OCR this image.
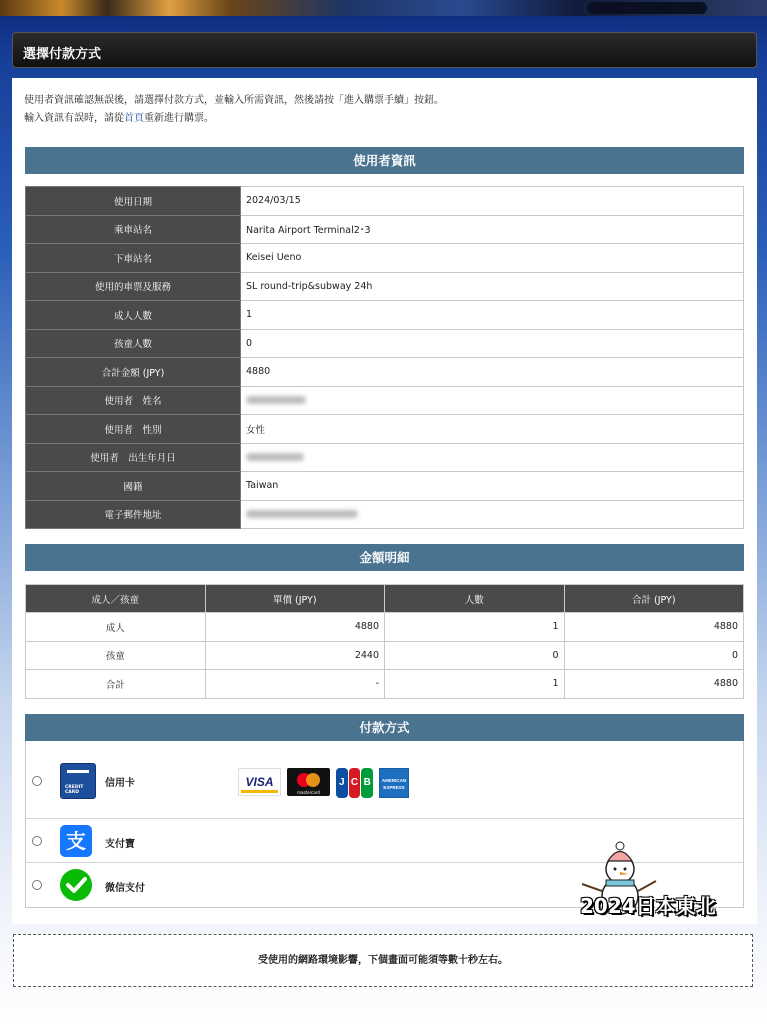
選擇付款方式
使用者資訊確認無誤後，請選擇付款方式，並輸入所需資訊，然後請按「進入購票手續」按鈕。
輸入資訊有誤時，請從首頁重新進行購票。
使用者資訊
使用日期	2024/03/15
乘車站名	Narita Airport Terminal2･3
下車站名	Keisei Ueno
使用的車票及服務	SL round-trip&subway 24h
成人人數	1
孩童人數	0
合計金額 (JPY)	4880
使用者　姓名	
使用者　性別	女性
使用者　出生年月日	
國籍	Taiwan
電子郵件地址	
金額明細
成人／孩童	單價 (JPY)	人數	合計 (JPY)
成人	4880	1	4880
孩童	2440	0	0
合計	-	1	4880
付款方式
CREDIT CARD
信用卡	VISA
mastercard
J C B	AMERICAN EXPRESS
支	支付寶
微信支付
受使用的網路環境影響，下個畫面可能須等數十秒左右。
2024日本東北
